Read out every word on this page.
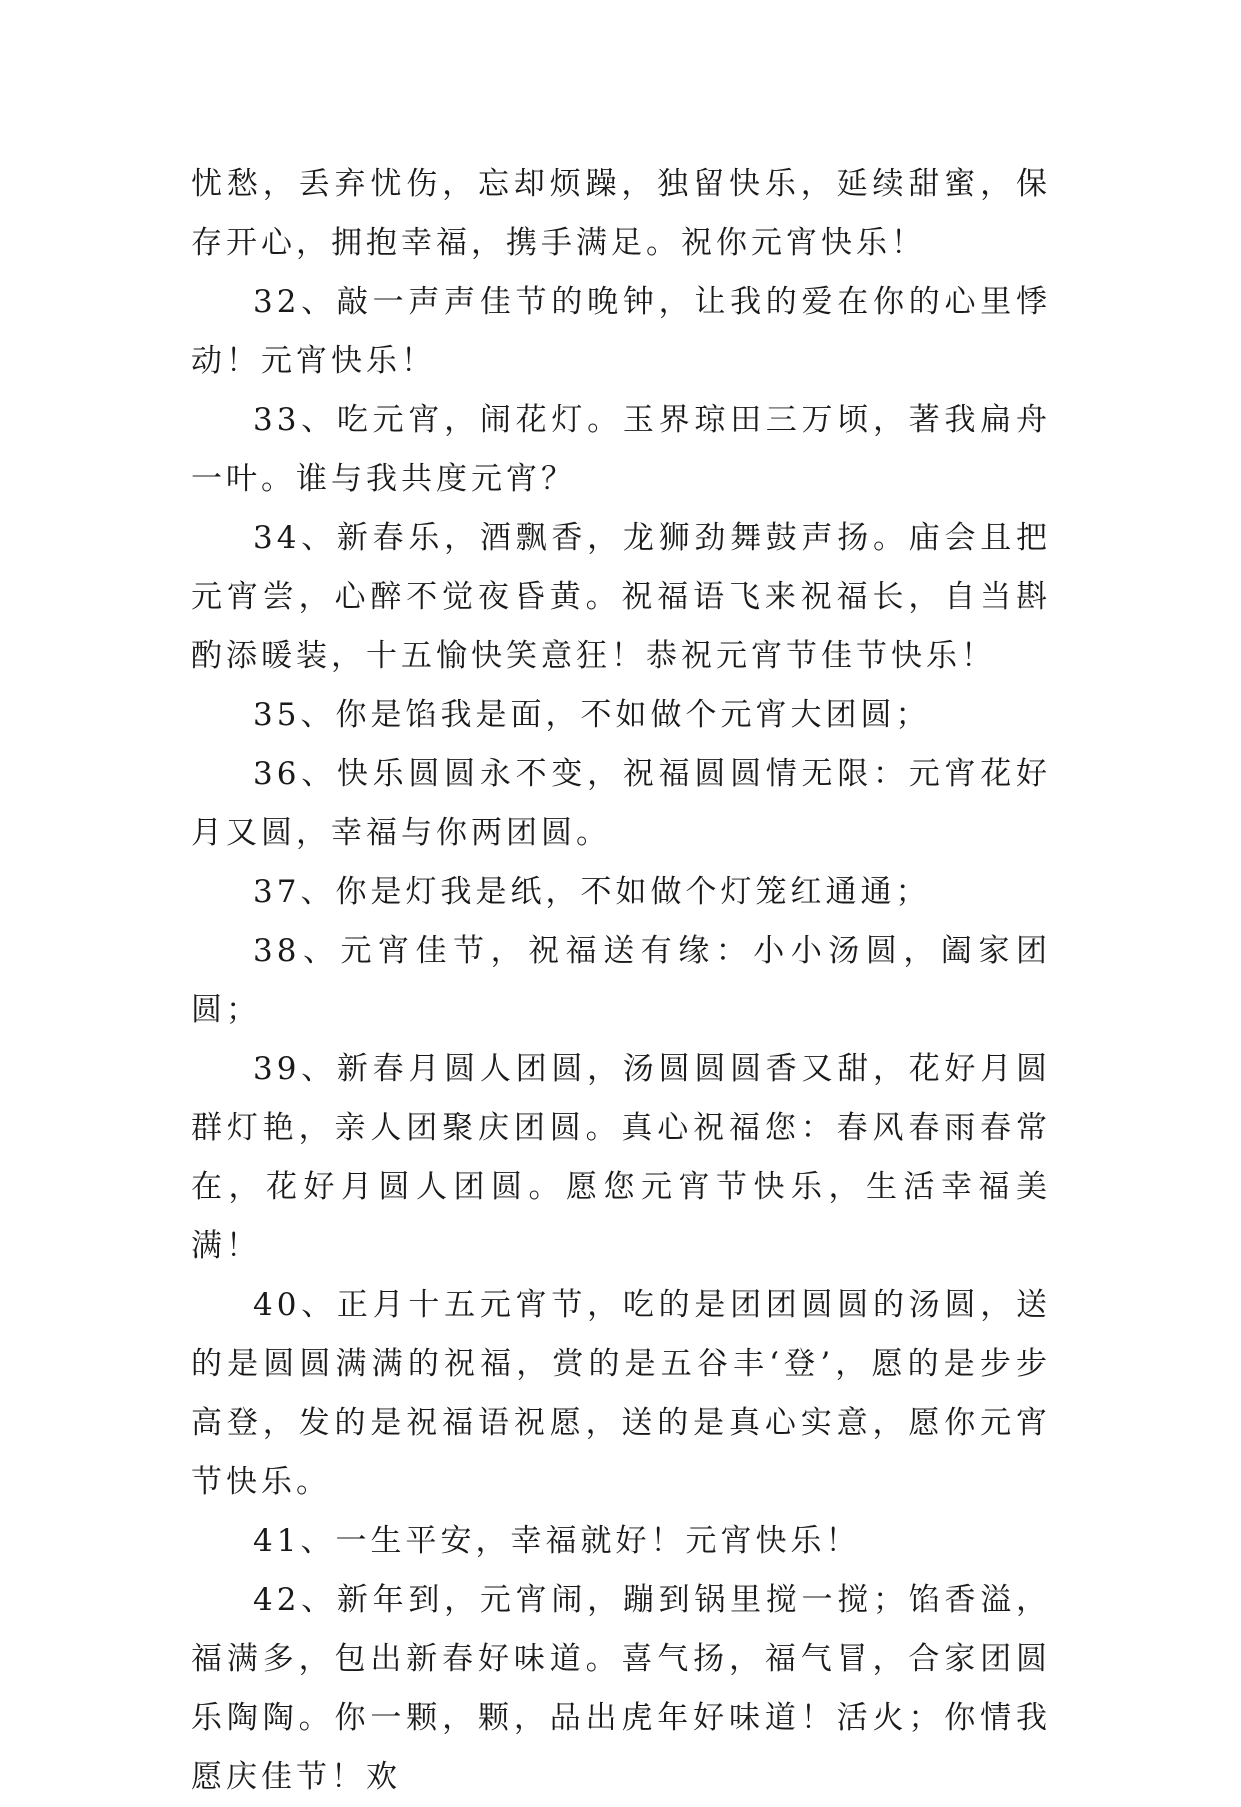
忧愁，丢弃忧伤，忘却烦躁，独留快乐，延续甜蜜，保存开心，拥抱幸福，携手满足。祝你元宵快乐！

32、敲一声声佳节的晚钟，让我的爱在你的心里悸动！元宵快乐！

33、吃元宵，闹花灯。玉界琼田三万顷，著我扁舟一叶。谁与我共度元宵？

34、新春乐，酒飘香，龙狮劲舞鼓声扬。庙会且把元宵尝，心醉不觉夜昏黄。祝福语飞来祝福长，自当斟酌添暖装，十五愉快笑意狂！恭祝元宵节佳节快乐！

35、你是馅我是面，不如做个元宵大团圆；

36、快乐圆圆永不变，祝福圆圆情无限：元宵花好月又圆，幸福与你两团圆。

37、你是灯我是纸，不如做个灯笼红通通；

38、元宵佳节，祝福送有缘：小小汤圆，阖家团圆；

39、新春月圆人团圆，汤圆圆圆香又甜，花好月圆群灯艳，亲人团聚庆团圆。真心祝福您：春风春雨春常在，花好月圆人团圆。愿您元宵节快乐，生活幸福美满！

40、正月十五元宵节，吃的是团团圆圆的汤圆，送的是圆圆满满的祝福，赏的是五谷丰‘登’，愿的是步步高登，发的是祝福语祝愿，送的是真心实意，愿你元宵节快乐。

41、一生平安，幸福就好！元宵快乐！

42、新年到，元宵闹，蹦到锅里搅一搅；馅香溢，福满多，包出新春好味道。喜气扬，福气冒，合家团圆乐陶陶。你一颗，颗，品出虎年好味道！活火；你情我愿庆佳节！欢
